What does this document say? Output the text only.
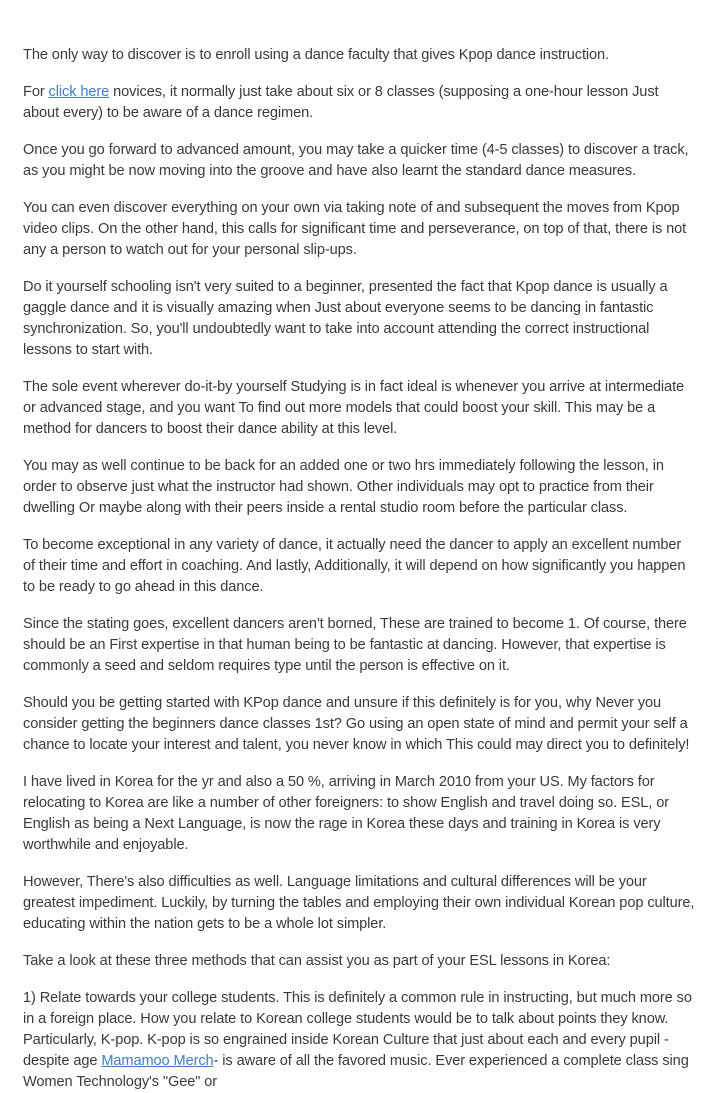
The only way to discover is to enroll using a dance faculty that gives Kpop dance instruction.

For click here novices, it normally just take about six or 8 classes (supposing a one-hour lesson Just about every) to be aware of a dance regimen.

Once you go forward to advanced amount, you may take a quicker time (4-5 classes) to discover a track, as you might be now moving into the groove and have also learnt the standard dance measures.

You can even discover everything on your own via taking note of and subsequent the moves from Kpop video clips. On the other hand, this calls for significant time and perseverance, on top of that, there is not any a person to watch out for your personal slip-ups.

Do it yourself schooling isn't very suited to a beginner, presented the fact that Kpop dance is usually a gaggle dance and it is visually amazing when Just about everyone seems to be dancing in fantastic synchronization. So, you'll undoubtedly want to take into account attending the correct instructional lessons to start with.

The sole event wherever do-it-by yourself Studying is in fact ideal is whenever you arrive at intermediate or advanced stage, and you want To find out more models that could boost your skill. This may be a method for dancers to boost their dance ability at this level.

You may as well continue to be back for an added one or two hrs immediately following the lesson, in order to observe just what the instructor had shown. Other individuals may opt to practice from their dwelling Or maybe along with their peers inside a rental studio room before the particular class.

To become exceptional in any variety of dance, it actually need the dancer to apply an excellent number of their time and effort in coaching. And lastly, Additionally, it will depend on how significantly you happen to be ready to go ahead in this dance.

Since the stating goes, excellent dancers aren't borned, These are trained to become 1. Of course, there should be an First expertise in that human being to be fantastic at dancing. However, that expertise is commonly a seed and seldom requires type until the person is effective on it.

Should you be getting started with KPop dance and unsure if this definitely is for you, why Never you consider getting the beginners dance classes 1st? Go using an open state of mind and permit your self a chance to locate your interest and talent, you never know in which This could may direct you to definitely!

I have lived in Korea for the yr and also a 50 %, arriving in March 2010 from your US. My factors for relocating to Korea are like a number of other foreigners: to show English and travel doing so. ESL, or English as being a Next Language, is now the rage in Korea these days and training in Korea is very worthwhile and enjoyable.

However, There's also difficulties as well. Language limitations and cultural differences will be your greatest impediment. Luckily, by turning the tables and employing their own individual Korean pop culture, educating within the nation gets to be a whole lot simpler.

Take a look at these three methods that can assist you as part of your ESL lessons in Korea:

1) Relate towards your college students. This is definitely a common rule in instructing, but much more so in a foreign place. How you relate to Korean college students would be to talk about points they know. Particularly, K-pop. K-pop is so engrained inside Korean Culture that just about each and every pupil - despite age Mamamoo Merch- is aware of all the favored music. Ever experienced a complete class sing Women Technology's "Gee" or
